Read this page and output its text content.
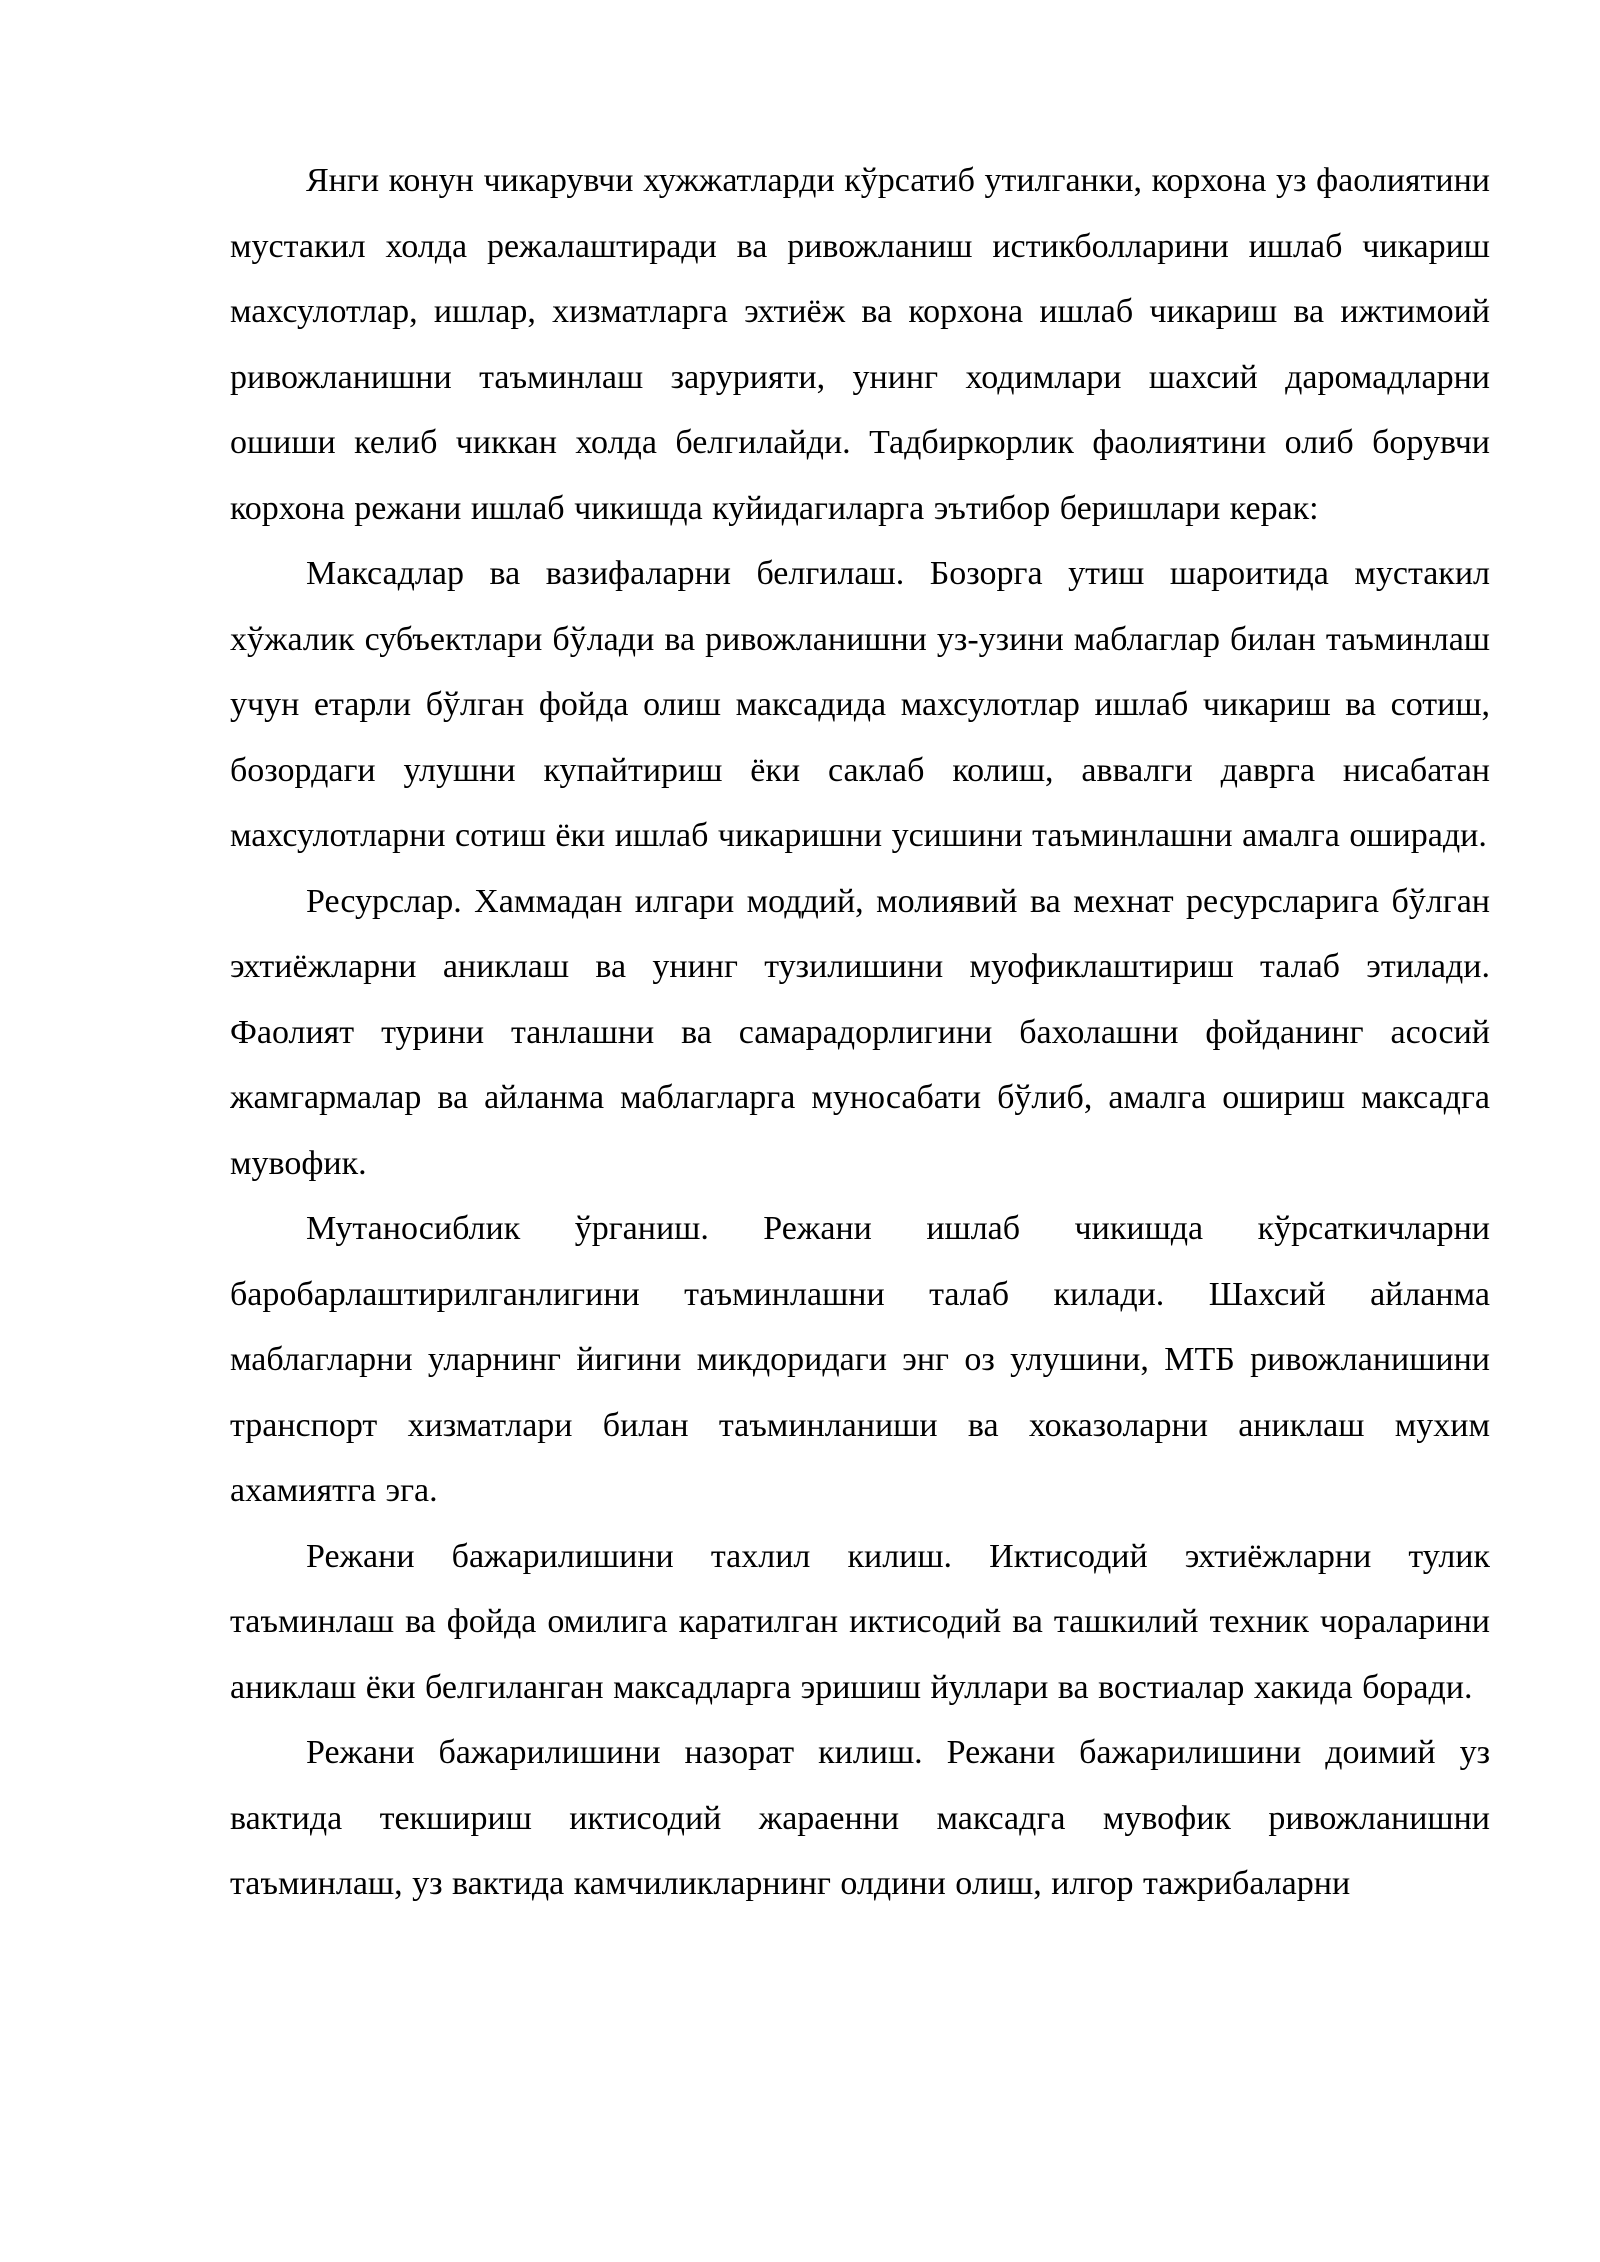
Янги конун чикарувчи хужжатларди кўрсатиб утилганки, корхона уз фаолиятини мустакил холда режалаштиради ва ривожланиш истикболларини ишлаб чикариш махсулотлар, ишлар, хизматларга эхтиёж ва корхона ишлаб чикариш ва ижтимоий ривожланишни таъминлаш зарурияти, унинг ходимлари шахсий даромадларни ошиши келиб чиккан холда белгилайди. Тадбиркорлик фаолиятини олиб борувчи корхона режани ишлаб чикишда куйидагиларга эътибор беришлари керак:

Максадлар ва вазифаларни белгилаш. Бозорга утиш шароитида мустакил хўжалик субъектлари бўлади ва ривожланишни уз-узини маблаглар билан таъминлаш учун етарли бўлган фойда олиш максадида махсулотлар ишлаб чикариш ва сотиш, бозордаги улушни купайтириш ёки саклаб колиш, аввалги даврга нисабатан махсулотларни сотиш ёки ишлаб чикаришни усишини таъминлашни амалга оширади.

Ресурслар. Хаммадан илгари моддий, молиявий ва мехнат ресурсларига бўлган эхтиёжларни аниклаш ва унинг тузилишини муофиклаштириш талаб этилади. Фаолият турини танлашни ва самарадорлигини бахолашни фойданинг асосий жамгармалар ва айланма маблагларга муносабати бўлиб, амалга ошириш максадга мувофик.

Мутаносиблик ўрганиш. Режани ишлаб чикишда кўрсаткичларни баробарлаштирилганлигини таъминлашни талаб килади. Шахсий айланма маблагларни уларнинг йигини микдоридаги энг оз улушини, МТБ ривожланишини транспорт хизматлари билан таъминланиши ва хоказоларни аниклаш мухим ахамиятга эга.

Режани бажарилишини тахлил килиш. Иктисодий эхтиёжларни тулик таъминлаш ва фойда омилига каратилган иктисодий ва ташкилий техник чораларини аниклаш ёки белгиланган максадларга эришиш йуллари ва востиалар хакида боради.

Режани бажарилишини назорат килиш. Режани бажарилишини доимий уз вактида текшириш иктисодий жараенни максадга мувофик ривожланишни таъминлаш, уз вактида камчиликларнинг олдини олиш, илгор тажрибаларни
